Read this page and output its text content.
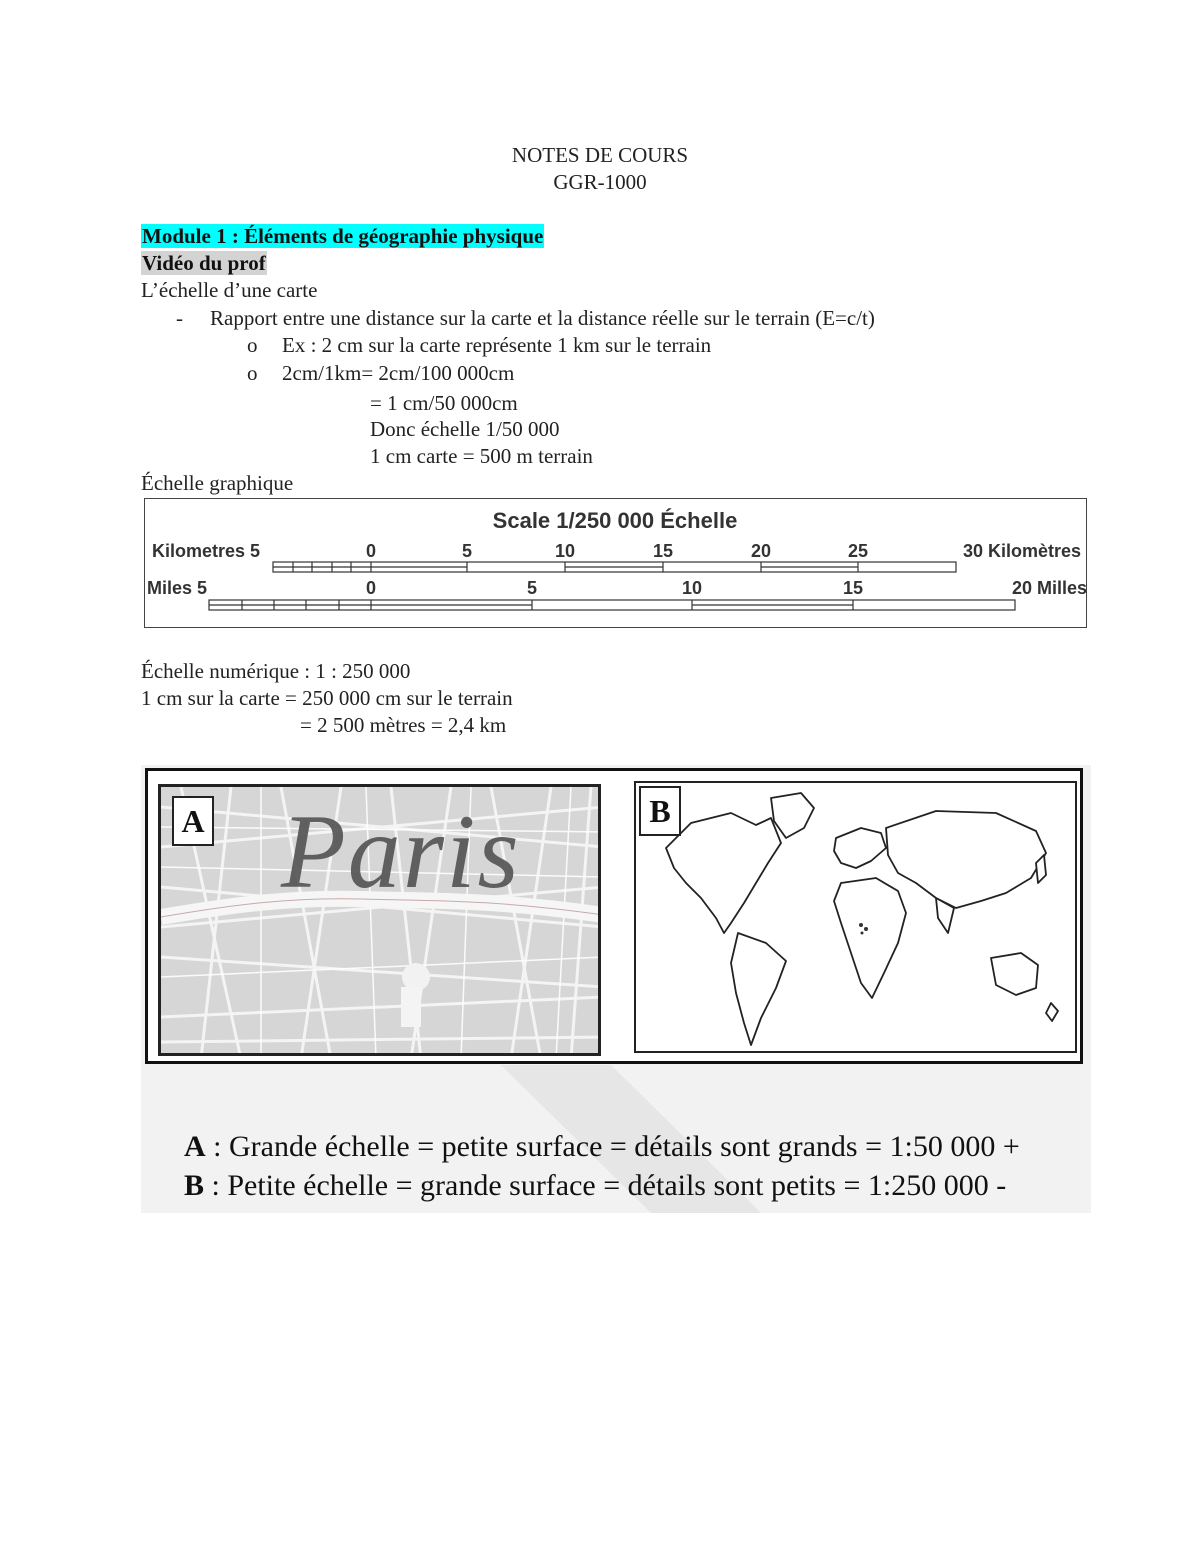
NOTES DE COURS
GGR-1000
Module 1 : Éléments de géographie physique
Vidéo du prof
L’échelle d’une carte
- Rapport entre une distance sur la carte et la distance réelle sur le terrain (E=c/t)
o Ex : 2 cm sur la carte représente 1 km sur le terrain
o 2cm/1km= 2cm/100 000cm
= 1 cm/50 000cm
Donc échelle 1/50 000
1 cm carte = 500 m terrain
Échelle graphique
Scale 1/250 000 Échelle
Kilometres 5	30 Kilomètres
0	5	10	15	20	25
Miles 5	20 Milles
0	5	10	15
Échelle numérique : 1 : 250 000
1 cm sur la carte = 250 000 cm sur le terrain
= 2 500 mètres = 2,4 km
Paris
A	B
A : Grande échelle = petite surface = détails sont grands = 1:50 000 +
B : Petite échelle = grande surface = détails sont petits = 1:250 000 -
